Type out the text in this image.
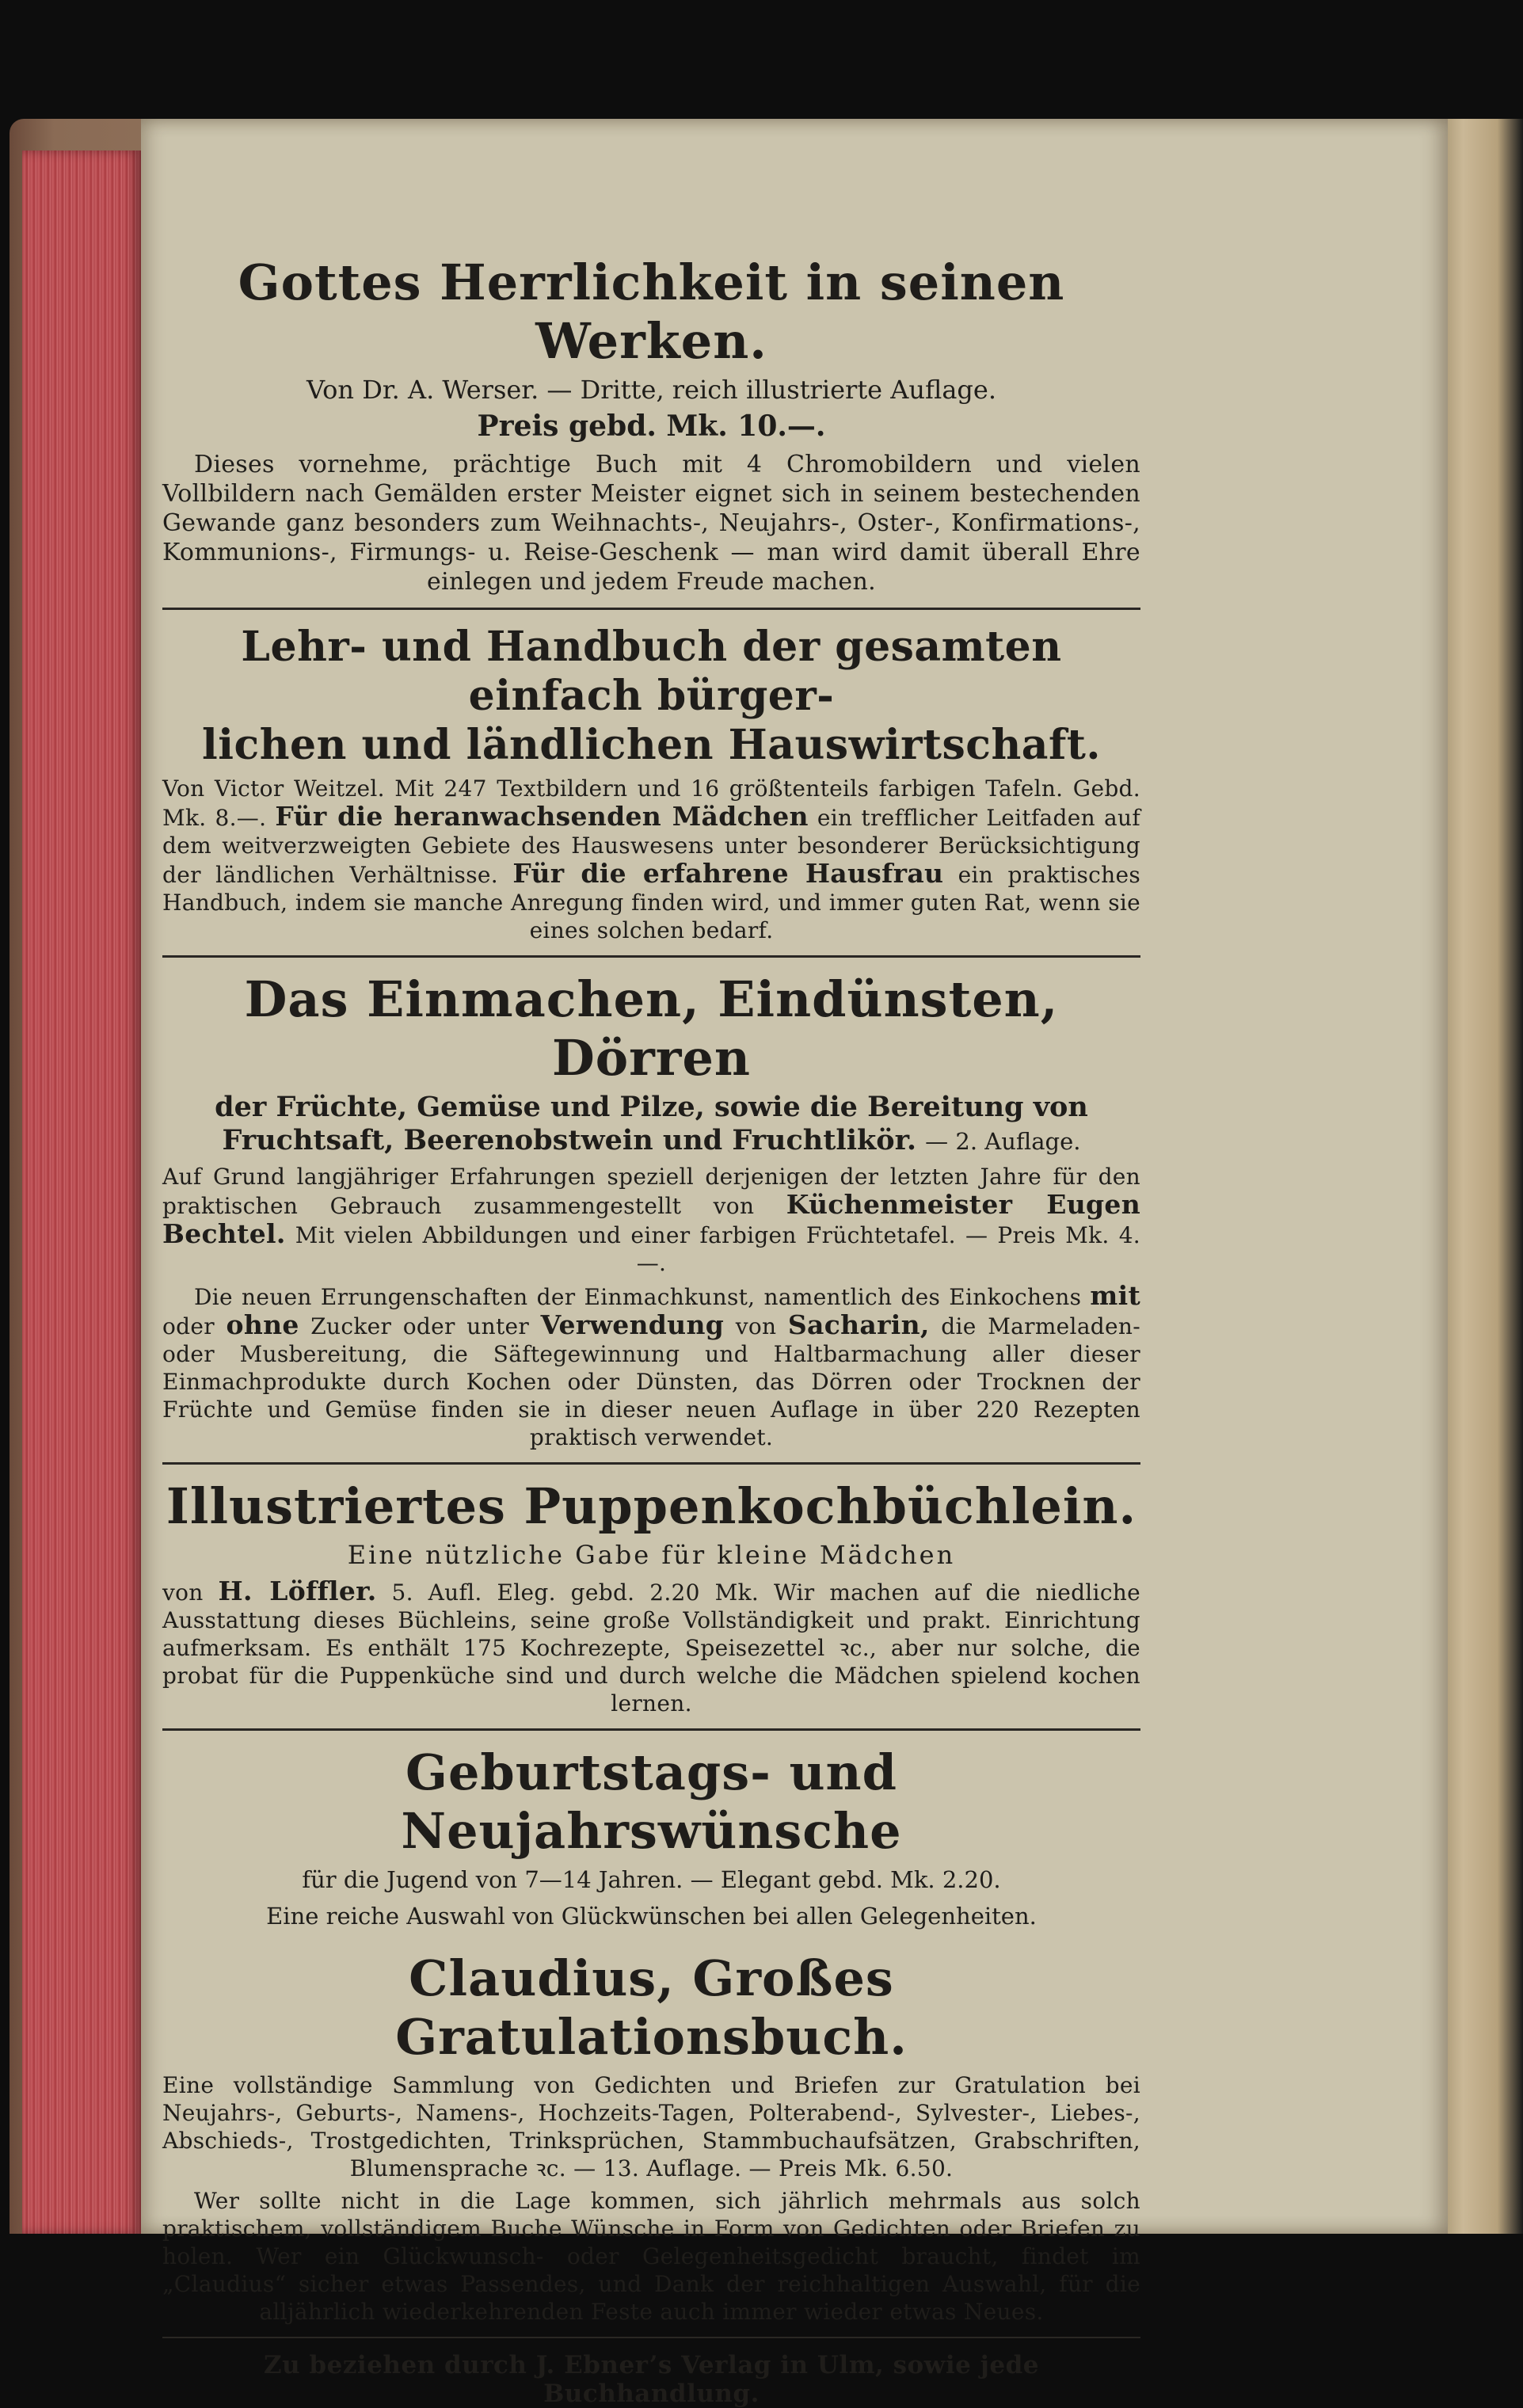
Gottes Herrlichkeit in seinen Werken.
Von Dr. A. Werser. — Dritte, reich illustrierte Auflage.
Preis gebd. Mk. 10.—.

Dieses vornehme, prächtige Buch mit 4 Chromobildern und vielen Vollbildern nach Gemälden erster Meister eignet sich in seinem bestechenden Gewande ganz besonders zum Weihnachts-, Neujahrs-, Oster-, Konfirmations-, Kommunions-, Firmungs- u. Reise-Geschenk — man wird damit überall Ehre einlegen und jedem Freude machen.

Lehr- und Handbuch der gesamten einfach bürger-
lichen und ländlichen Hauswirtschaft.

Von Victor Weitzel. Mit 247 Textbildern und 16 größtenteils farbigen Tafeln. Gebd. Mk. 8.—. Für die heranwachsenden Mädchen ein trefflicher Leitfaden auf dem weitverzweigten Gebiete des Hauswesens unter besonderer Berücksichtigung der ländlichen Verhältnisse. Für die erfahrene Hausfrau ein praktisches Handbuch, indem sie manche Anregung finden wird, und immer guten Rat, wenn sie eines solchen bedarf.

Das Einmachen, Eindünsten, Dörren
der Früchte, Gemüse und Pilze, sowie die Bereitung von
Fruchtsaft, Beerenobstwein und Fruchtlikör. — 2. Auflage.

Auf Grund langjähriger Erfahrungen speziell derjenigen der letzten Jahre für den praktischen Gebrauch zusammengestellt von Küchenmeister Eugen Bechtel. Mit vielen Abbildungen und einer farbigen Früchtetafel. — Preis Mk. 4.—.

Die neuen Errungenschaften der Einmachkunst, namentlich des Einkochens mit oder ohne Zucker oder unter Verwendung von Sacharin, die Marmeladen- oder Musbereitung, die Säftegewinnung und Haltbarmachung aller dieser Einmachprodukte durch Kochen oder Dünsten, das Dörren oder Trocknen der Früchte und Gemüse finden sie in dieser neuen Auflage in über 220 Rezepten praktisch verwendet.

Illustriertes Puppenkochbüchlein.
Eine nützliche Gabe für kleine Mädchen

von H. Löffler. 5. Aufl. Eleg. gebd. 2.20 Mk. Wir machen auf die niedliche Ausstattung dieses Büchleins, seine große Vollständigkeit und prakt. Einrichtung aufmerksam. Es enthält 175 Kochrezepte, Speisezettel ꝛc., aber nur solche, die probat für die Puppenküche sind und durch welche die Mädchen spielend kochen lernen.

Geburtstags- und Neujahrswünsche
für die Jugend von 7—14 Jahren. — Elegant gebd. Mk. 2.20.
Eine reiche Auswahl von Glückwünschen bei allen Gelegenheiten.
Claudius, Großes Gratulationsbuch.

Eine vollständige Sammlung von Gedichten und Briefen zur Gratulation bei Neujahrs-, Geburts-, Namens-, Hochzeits-Tagen, Polterabend-, Sylvester-, Liebes-, Abschieds-, Trostgedichten, Trinksprüchen, Stammbuchaufsätzen, Grabschriften, Blumensprache ꝛc. — 13. Auflage. — Preis Mk. 6.50.

Wer sollte nicht in die Lage kommen, sich jährlich mehrmals aus solch praktischem, vollständigem Buche Wünsche in Form von Gedichten oder Briefen zu holen. Wer ein Glückwunsch- oder Gelegenheitsgedicht braucht, findet im „Claudius“ sicher etwas Passendes, und Dank der reichhaltigen Auswahl, für die alljährlich wiederkehrenden Feste auch immer wieder etwas Neues.

Zu beziehen durch J. Ebner’s Verlag in Ulm, sowie jede Buchhandlung.
